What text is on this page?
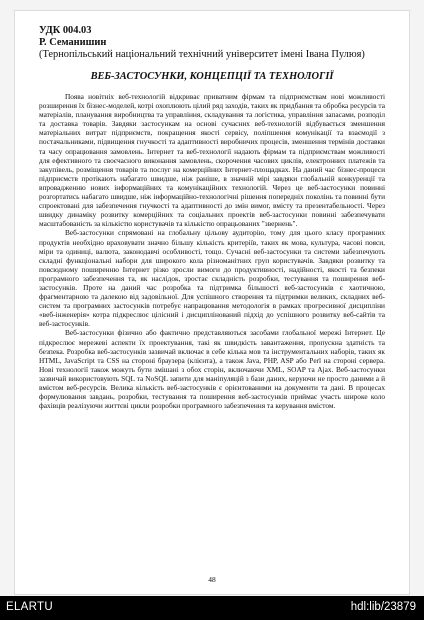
УДК 004.03
Р. Семанишин
(Тернопільський національний технічний університет імені Івана Пулюя)
ВЕБ-ЗАСТОСУНКИ, КОНЦЕПЦІЇ ТА ТЕХНОЛОГІЇ

Поява новітніх веб-технологій відкриває приватним фірмам та підприємствам нові можливості розширення їх бізнес-моделей, котрі охоплюють цілий ряд заходів, таких як придбання та обробка ресурсів та матеріалів, планування виробництва та управління, складування та логістика, управління запасами, розподіл та доставка товарів. Завдяки застосункам на основі сучасних веб-технологій відбувається зменшення матеріальних витрат підприємств, покращення якості сервісу, поліпшення комунікації та взаємодії з постачальниками, підвищення гнучкості та адаптивності виробничих процесів, зменшення термінів доставки та часу опрацювання замовлень. Інтернет та веб-технології надають фірмам та підприємствам можливості для ефективного та своєчасного виконання замовлень, скорочення часових циклів, електронних платежів та закупівель, розміщення товарів та послуг на комерційних Інтернет-площадках. На даний час бізнес-процеси підприємств протікають набагато швидше, ніж раніше, в значній мірі завдяки глобальній конкуренції та впровадженню нових інформаційних та комунікаційних технологій. Через це веб-застосунки повинні розгортатись набагато швидше, ніж інформаційно-технологічні рішення попередніх поколінь та повинні бути спроектовані для забезпечення гнучкості та адаптивності до змін вимог, вмісту та презентабельності. Через швидку динаміку розвитку комерційних та соціальних проектів веб-застосунки повинні забезпечувати масштабованість за кількістю користувачів та кількістю опрацьованих "звернень".

Веб-застосунки спрямовані на глобальну цільову аудиторію, тому для цього класу програмних продуктів необхідно враховувати значно більшу кількість критеріїв, таких як мова, культура, часові пояси, міри та одиниці, валюта, законодавчі особливості, тощо. Сучасні веб-застосунки та системи забезпечують складні функціональні набори для широкого кола різноманітних груп користувачів. Завдяки розвитку та повсюдному поширенню Інтернет різко зросли вимоги до продуктивності, надійності, якості та безпеки програмного забезпечення та, як наслідок, зростає складність розробки, тестування та поширення веб-застосунків. Проте на даний час розробка та підтримка більшості веб-застосунків є хаотичною, фрагментарною та далекою від задовільної. Для успішного створення та підтримки великих, складних веб-систем та програмних застосунків потребує напрацювання методологія в рамках прогресивної дисципліни «веб-інженерія» котра підкреслює цілісний і дисциплінований підхід до успішного розвитку веб-сайтів та веб-застосунків.

Веб-застосунки фізично або фактично представляються засобами глобальної мережі Інтернет. Це підкреслює мережеві аспекти їх проектування, такі як швидкість завантаження, пропускна здатність та безпека. Розробка веб-застосунків зазвичай включає в себе кілька мов та інструментальних наборів, таких як HTML, JavaScript та CSS на стороні браузера (клієнта), а також Java, PHP, ASP або Perl на стороні сервера. Нові технології також можуть бути змішані з обох сторін, включаючи XML, SOAP та Ajax. Веб-застосунки зазвичай використовують SQL та NoSQL запити для маніпуляцій з бази даних, керуючи не просто даними а й вмістом веб-ресурсів. Велика кількість веб-застосунків є орієнтованими на документи та дані. В процесах формулювання завдань, розробки, тестування та поширення веб-застосунків приймає участь широке коло фахівців реалізуючи життєві цикли розробки програмного забезпечення та керування вмістом.

48
ELARTU	hdl:lib/23879
